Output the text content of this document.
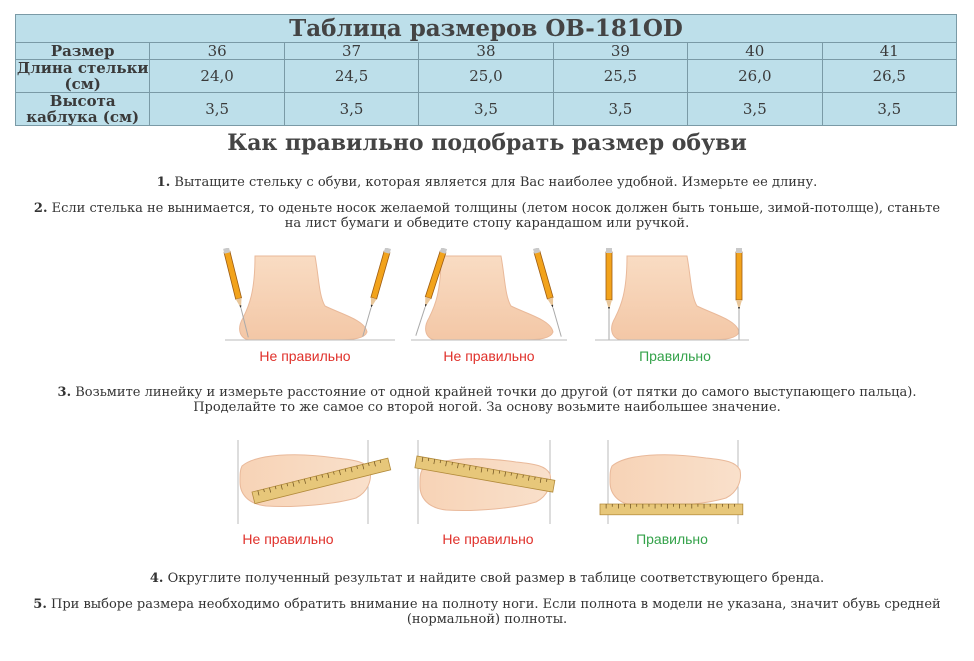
Таблица размеров OB-181OD						
Размер	36	37	38	39	40	41
Длина стельки (см)	24,0	24,5	25,0	25,5	26,0	26,5
Высота каблука (см)	3,5	3,5	3,5	3,5	3,5	3,5
Как правильно подобрать размер обуви
1. Вытащите стельку с обуви, которая является для Вас наиболее удобной. Измерьте ее длину.
2. Если стелька не вынимается, то оденьте носок желаемой толщины (летом носок должен быть тоньше, зимой-потолще), станьте на лист бумаги и обведите стопу карандашом или ручкой.
Не правильно	Не правильно	Правильно
3. Возьмите линейку и измерьте расстояние от одной крайней точки до другой (от пятки до самого выступающего пальца). Проделайте то же самое со второй ногой. За основу возьмите наибольшее значение.
Не правильно	Не правильно	Правильно
4. Округлите полученный результат и найдите свой размер в таблице соответствующего бренда.
5. При выборе размера необходимо обратить внимание на полноту ноги. Если полнота в модели не указана, значит обувь средней (нормальной) полноты.
